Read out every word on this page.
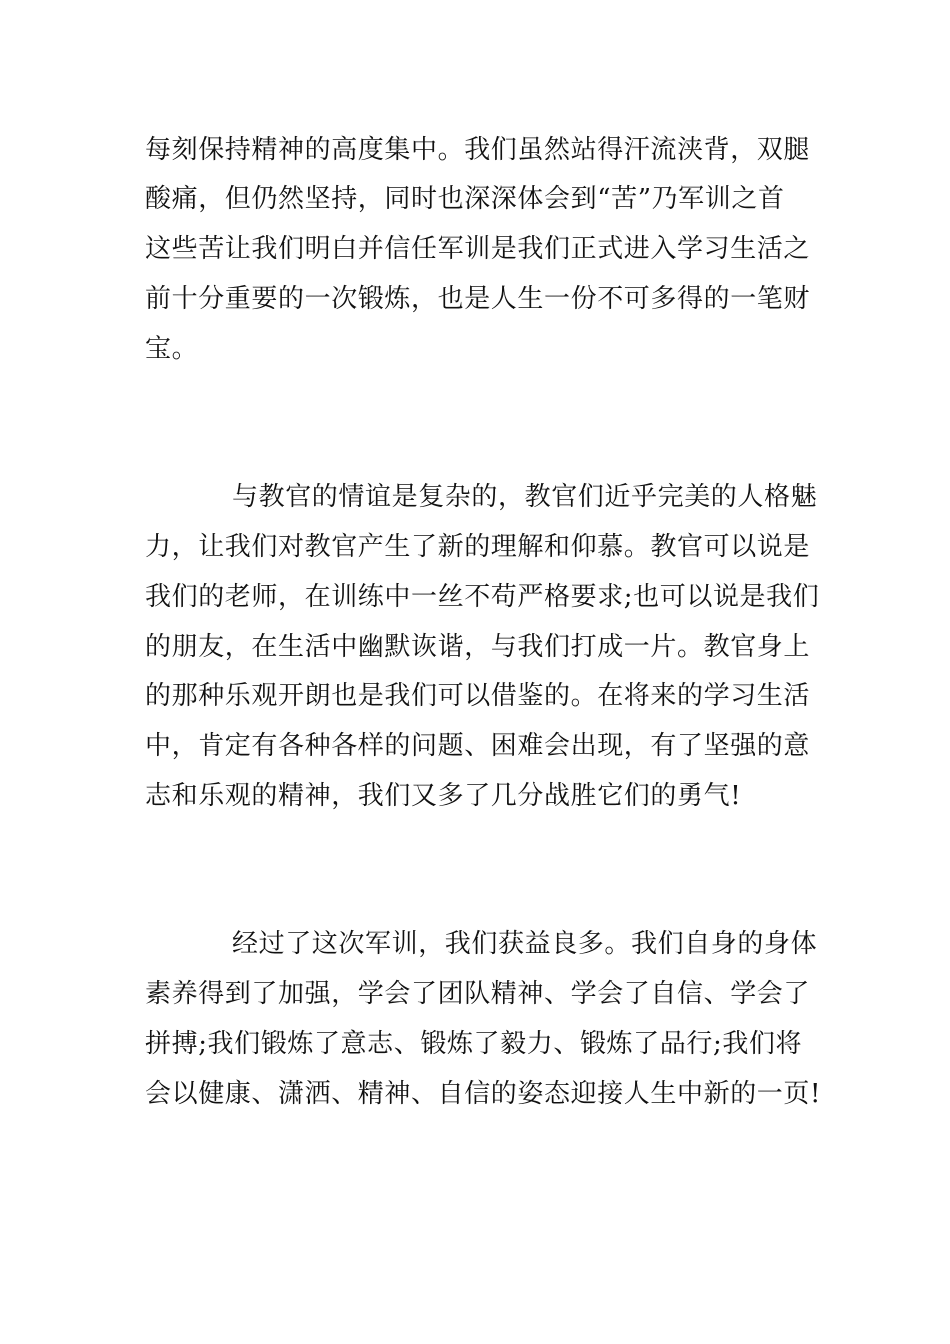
每刻保持精神的高度集中。我们虽然站得汗流浃背，双腿
酸痛，但仍然坚持，同时也深深体会到“苦”乃军训之首
这些苦让我们明白并信任军训是我们正式进入学习生活之
前十分重要的一次锻炼，也是人生一份不可多得的一笔财
宝。
与教官的情谊是复杂的，教官们近乎完美的人格魅
力，让我们对教官产生了新的理解和仰慕。教官可以说是
我们的老师，在训练中一丝不苟严格要求;也可以说是我们
的朋友，在生活中幽默诙谐，与我们打成一片。教官身上
的那种乐观开朗也是我们可以借鉴的。在将来的学习生活
中，肯定有各种各样的问题、困难会出现，有了坚强的意
志和乐观的精神，我们又多了几分战胜它们的勇气!
经过了这次军训，我们获益良多。我们自身的身体
素养得到了加强，学会了团队精神、学会了自信、学会了
拼搏;我们锻炼了意志、锻炼了毅力、锻炼了品行;我们将
会以健康、潇洒、精神、自信的姿态迎接人生中新的一页!
